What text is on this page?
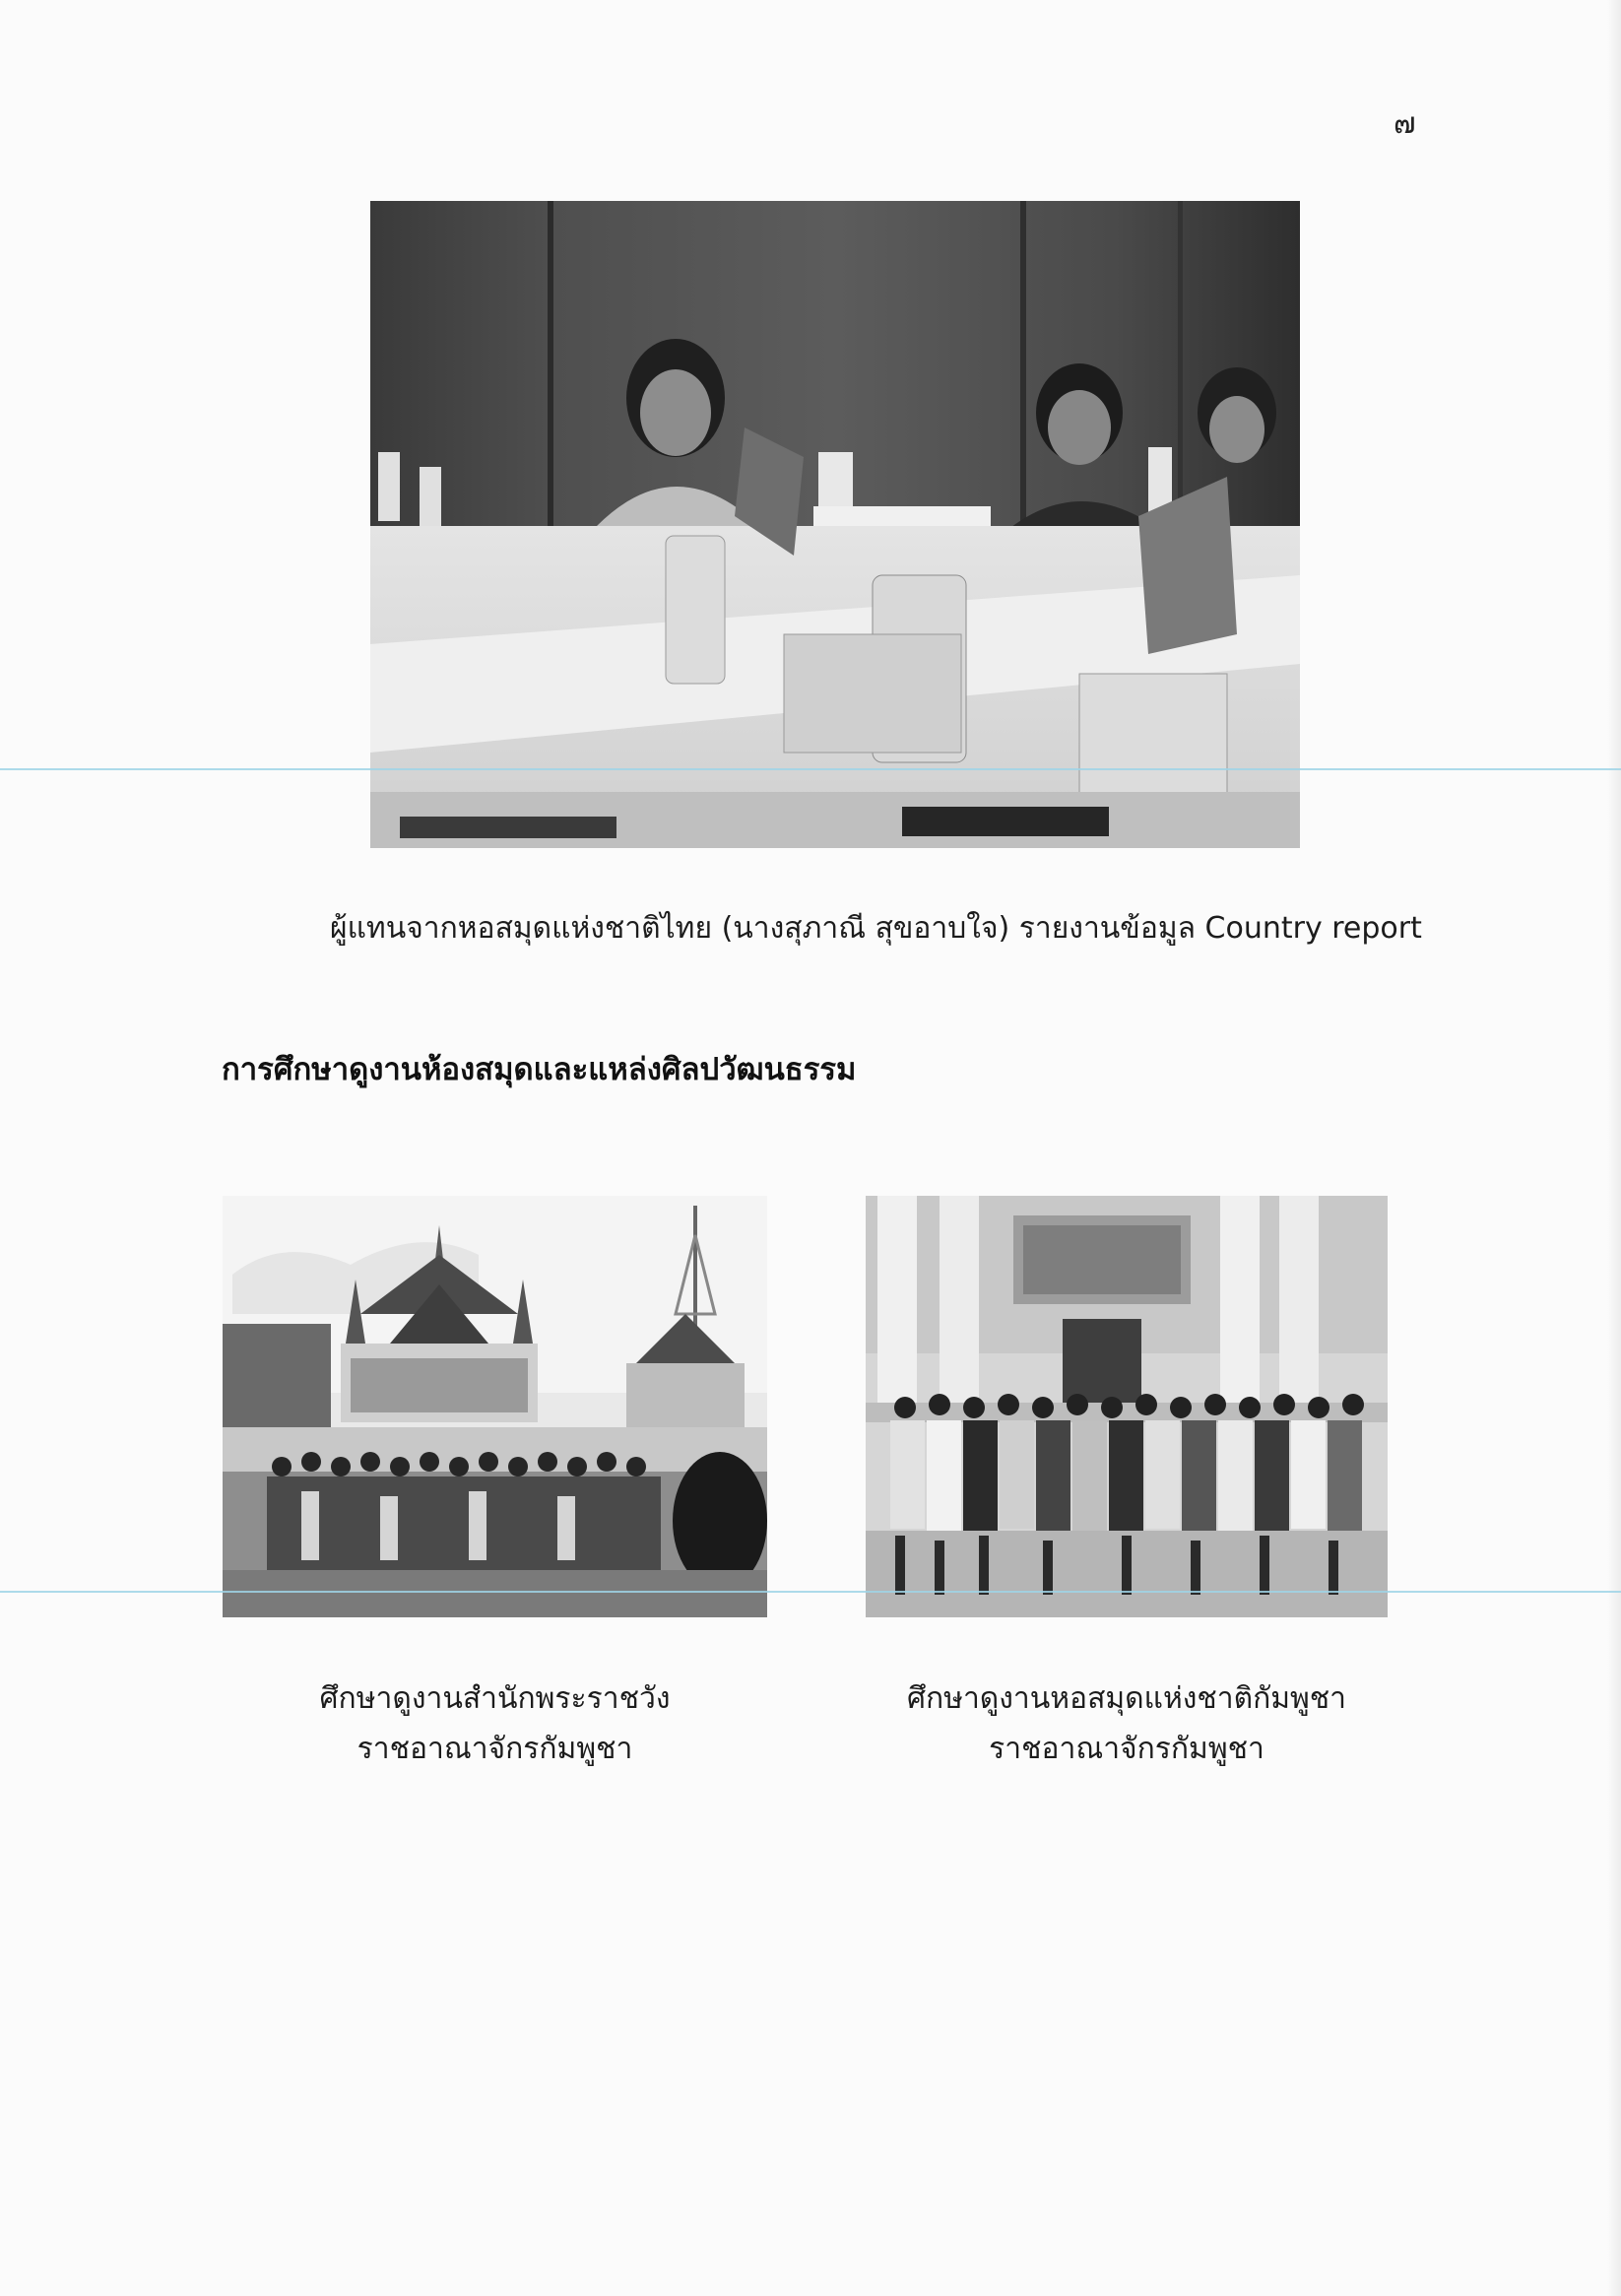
๗
ผู้แทนจากหอสมุดแห่งชาติไทย (นางสุภาณี สุขอาบใจ) รายงานข้อมูล Country report
การศึกษาดูงานห้องสมุดและแหล่งศิลปวัฒนธรรม
ศึกษาดูงานสำนักพระราชวัง
ราชอาณาจักรกัมพูชา
ศึกษาดูงานหอสมุดแห่งชาติกัมพูชา
ราชอาณาจักรกัมพูชา
